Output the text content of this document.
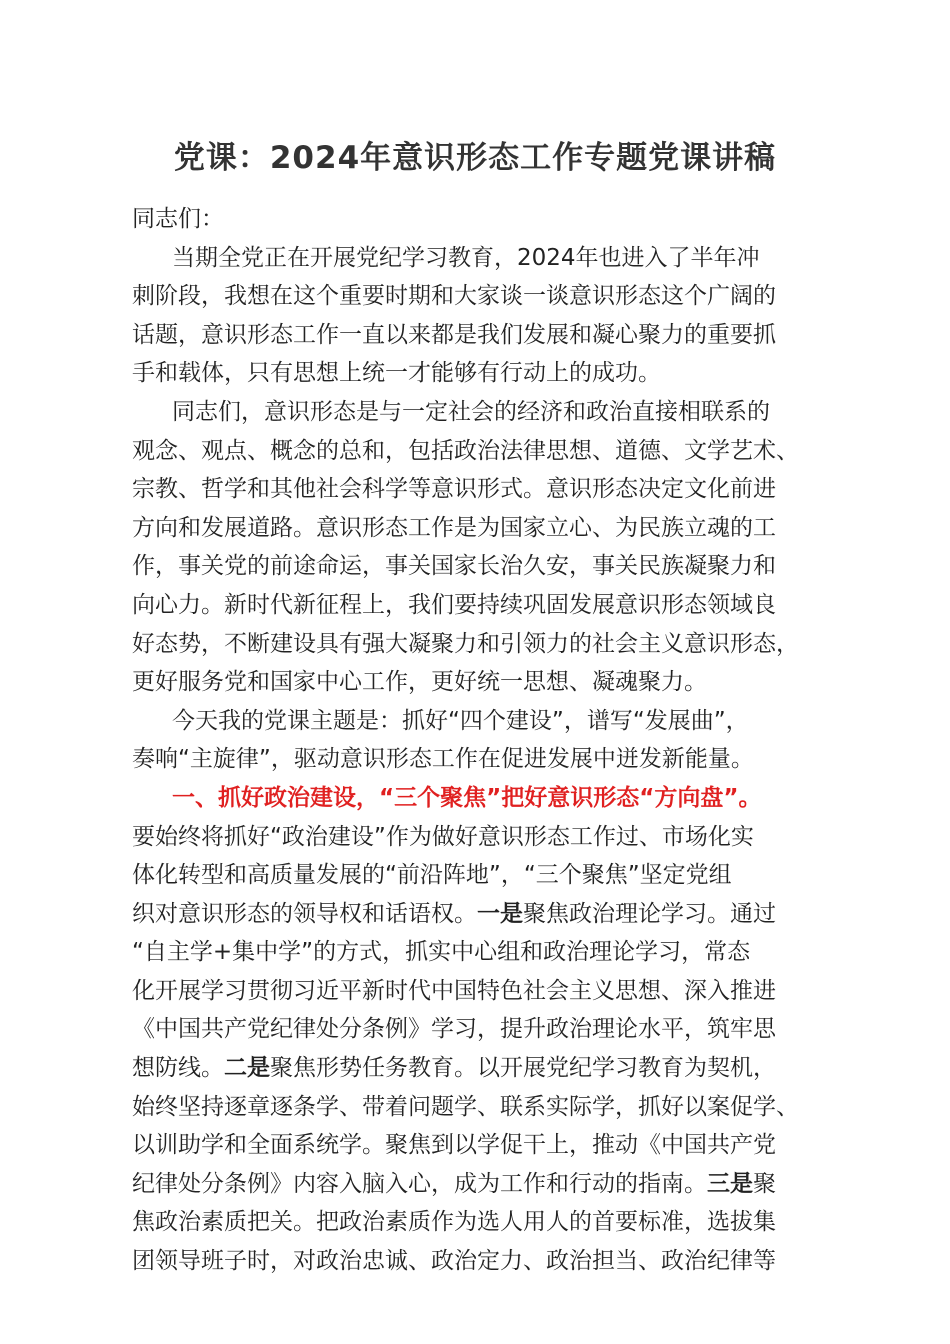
党课：2024年意识形态工作专题党课讲稿
同志们：
当期全党正在开展党纪学习教育，2024年也进入了半年冲
刺阶段，我想在这个重要时期和大家谈一谈意识形态这个广阔的
话题，意识形态工作一直以来都是我们发展和凝心聚力的重要抓
手和载体，只有思想上统一才能够有行动上的成功。
同志们，意识形态是与一定社会的经济和政治直接相联系的
观念、观点、概念的总和，包括政治法律思想、道德、文学艺术、
宗教、哲学和其他社会科学等意识形式。意识形态决定文化前进
方向和发展道路。意识形态工作是为国家立心、为民族立魂的工
作，事关党的前途命运，事关国家长治久安，事关民族凝聚力和
向心力。新时代新征程上，我们要持续巩固发展意识形态领域良
好态势，不断建设具有强大凝聚力和引领力的社会主义意识形态，
更好服务党和国家中心工作，更好统一思想、凝魂聚力。
今天我的党课主题是：抓好“四个建设”，谱写“发展曲”，
奏响“主旋律”，驱动意识形态工作在促进发展中迸发新能量。
一、抓好政治建设，“三个聚焦”把好意识形态“方向盘”。
要始终将抓好“政治建设”作为做好意识形态工作过、市场化实
体化转型和高质量发展的“前沿阵地”，“三个聚焦”坚定党组
织对意识形态的领导权和话语权。一是聚焦政治理论学习。通过
“自主学+集中学”的方式，抓实中心组和政治理论学习，常态
化开展学习贯彻习近平新时代中国特色社会主义思想、深入推进
《中国共产党纪律处分条例》学习，提升政治理论水平，筑牢思
想防线。二是聚焦形势任务教育。以开展党纪学习教育为契机，
始终坚持逐章逐条学、带着问题学、联系实际学，抓好以案促学、
以训助学和全面系统学。聚焦到以学促干上，推动《中国共产党
纪律处分条例》内容入脑入心，成为工作和行动的指南。三是聚
焦政治素质把关。把政治素质作为选人用人的首要标准，选拔集
团领导班子时，对政治忠诚、政治定力、政治担当、政治纪律等
